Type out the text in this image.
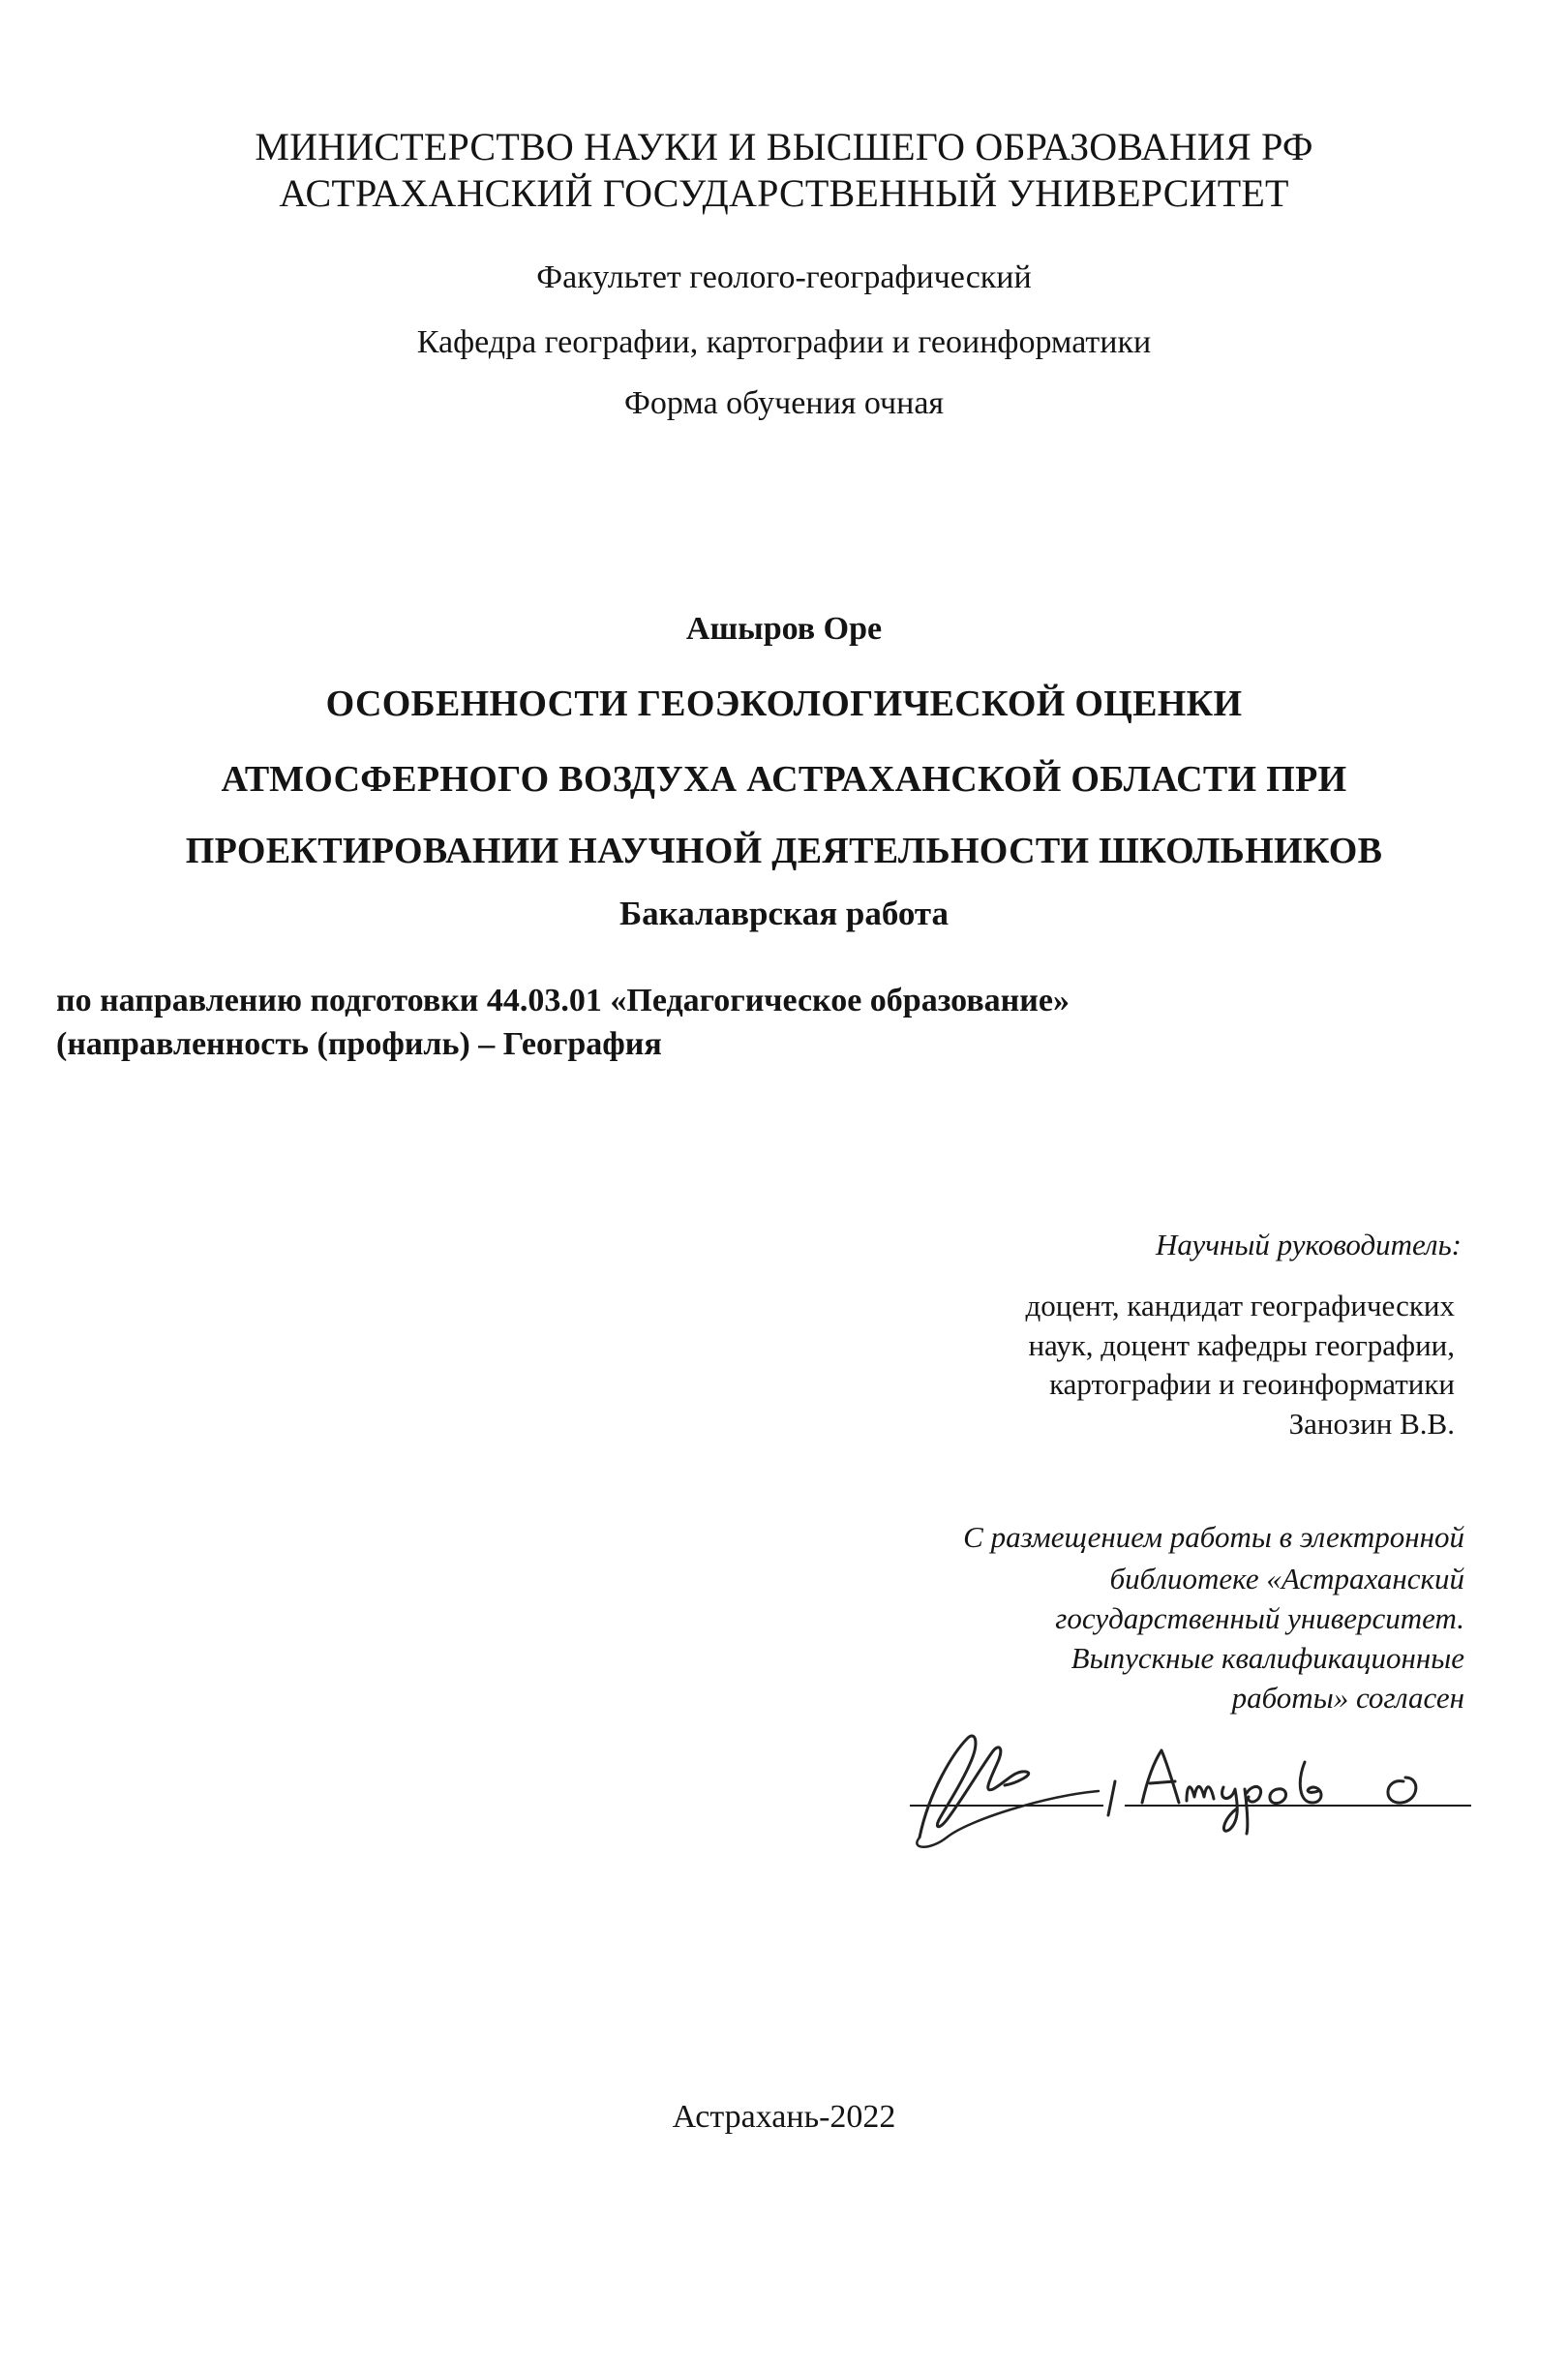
МИНИСТЕРСТВО НАУКИ И ВЫСШЕГО ОБРАЗОВАНИЯ РФ
АСТРАХАНСКИЙ ГОСУДАРСТВЕННЫЙ УНИВЕРСИТЕТ
Факультет геолого-географический
Кафедра географии, картографии и геоинформатики
Форма обучения очная
Ашыров Оре
ОСОБЕННОСТИ ГЕОЭКОЛОГИЧЕСКОЙ ОЦЕНКИ
АТМОСФЕРНОГО ВОЗДУХА АСТРАХАНСКОЙ ОБЛАСТИ ПРИ
ПРОЕКТИРОВАНИИ НАУЧНОЙ ДЕЯТЕЛЬНОСТИ ШКОЛЬНИКОВ
Бакалаврская работа
по направлению подготовки 44.03.01 «Педагогическое образование»
(направленность (профиль) – География
Научный руководитель:
доцент, кандидат географических
наук, доцент кафедры географии,
картографии и геоинформатики
Занозин В.В.
С размещением работы в электронной
библиотеке «Астраханский
государственный университет.
Выпускные квалификационные
работы» согласен
Астрахань-2022
